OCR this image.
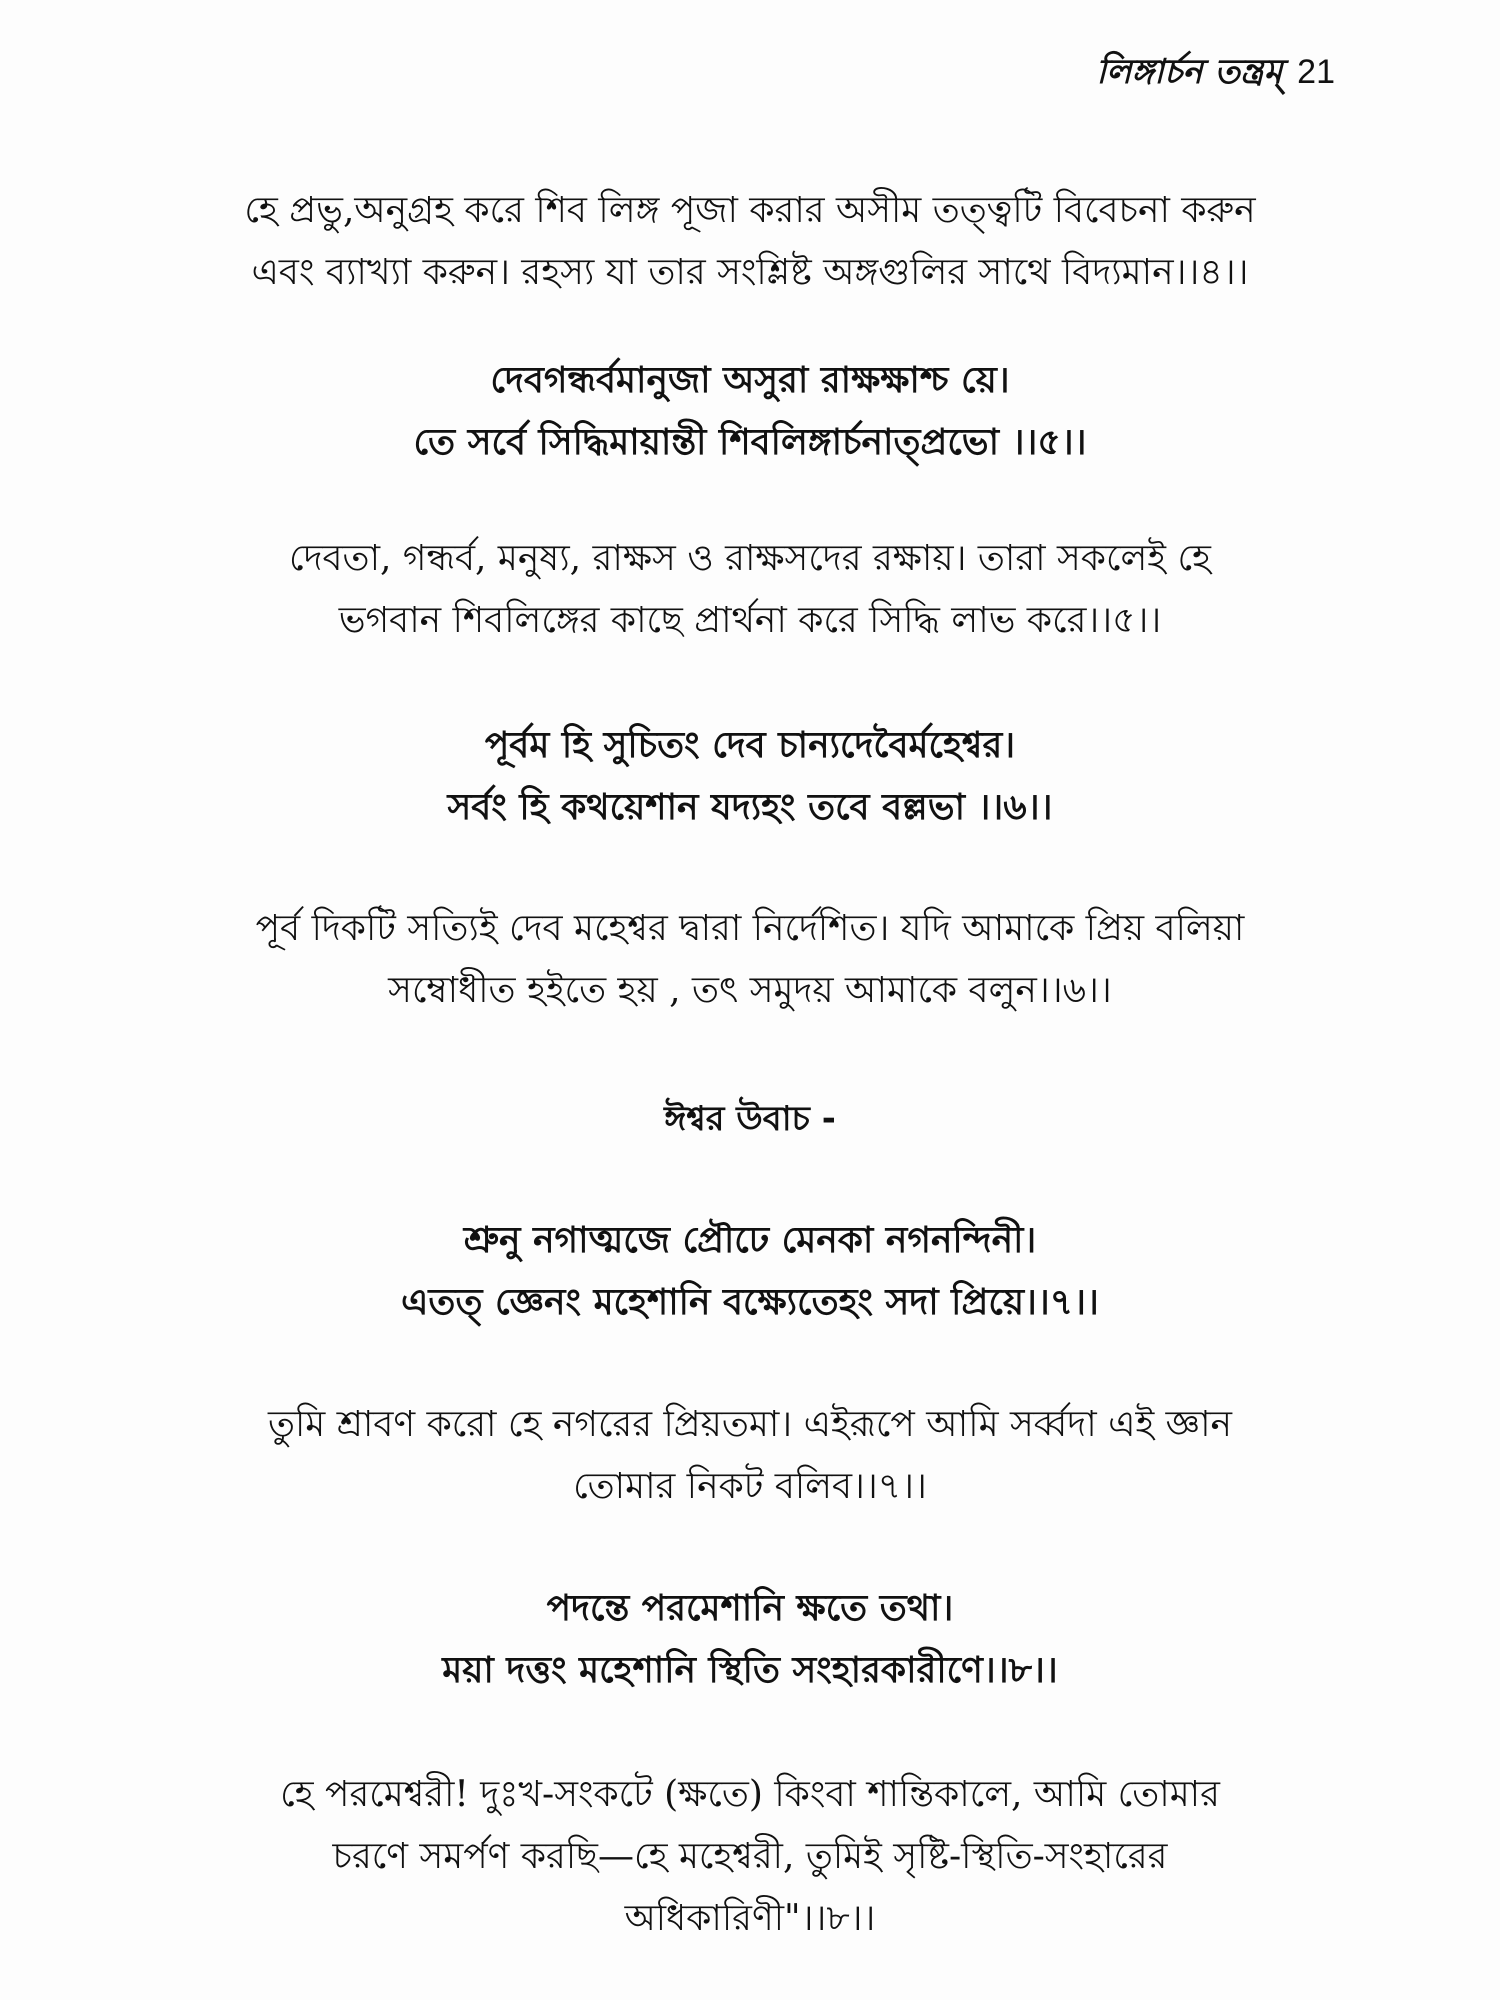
লিঙ্গার্চন তন্ত্রম্ 21
হে প্রভু,অনুগ্রহ করে শিব লিঙ্গ পূজা করার অসীম তত্ত্বটি বিবেচনা করুন
এবং ব্যাখ্যা করুন। রহস্য যা তার সংশ্লিষ্ট অঙ্গগুলির সাথে বিদ্যমান।।৪।।
দেবগন্ধর্বমানুজা অসুরা রাক্ষক্ষাশ্চ য়ে।
তে সর্বে সিদ্ধিমায়ান্তী শিবলিঙ্গার্চনাত্প্রভো ।।৫।।
দেবতা, গন্ধর্ব, মনুষ্য, রাক্ষস ও রাক্ষসদের রক্ষায়। তারা সকলেই হে
ভগবান শিবলিঙ্গের কাছে প্রার্থনা করে সিদ্ধি লাভ করে।।৫।।
পূর্বম হি সুচিতং দেব চান্যদেবৈর্মহেশ্বর।
সর্বং হি কথয়েশান যদ্যহং তবে বল্লভা ।।৬।।
পূর্ব দিকটি সত্যিই দেব মহেশ্বর দ্বারা নির্দেশিত। যদি আমাকে প্রিয় বলিয়া
সম্বোধীত হইতে হয় , তৎ সমুদয় আমাকে বলুন।।৬।।
ঈশ্বর উবাচ -
শ্রুনু নগাত্মজে প্রৌঢে মেনকা নগনন্দিনী।
এতত্ জ্ঞেনং মহেশানি বক্ষ্যেতেহং সদা প্রিয়ে।।৭।।
তুমি শ্রাবণ করো হে নগরের প্রিয়তমা। এইরূপে আমি সর্ব্বদা এই জ্ঞান
তোমার নিকট বলিব।।৭।।
পদন্তে পরমেশানি ক্ষতে তথা।
ময়া দত্তং মহেশানি স্থিতি সংহারকারীণে।।৮।।
হে পরমেশ্বরী! দুঃখ-সংকটে (ক্ষতে) কিংবা শান্তিকালে, আমি তোমার
চরণে সমর্পণ করছি—হে মহেশ্বরী, তুমিই সৃষ্টি-স্থিতি-সংহারের
অধিকারিণী"।।৮।।
